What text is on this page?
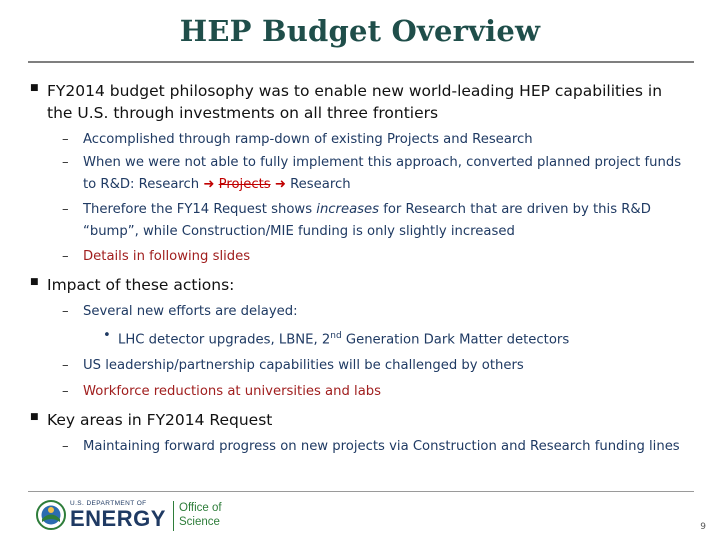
HEP Budget Overview
■ FY2014 budget philosophy was to enable new world-leading HEP capabilities in the U.S. through investments on all three frontiers
– Accomplished through ramp-down of existing Projects and Research
– When we were not able to fully implement this approach, converted planned project funds to R&D: Research ➜ Projects ➜ Research
– Therefore the FY14 Request shows increases for Research that are driven by this R&D “bump”, while Construction/MIE funding is only slightly increased
– Details in following slides
■ Impact of these actions:
– Several new efforts are delayed:
• LHC detector upgrades, LBNE, 2nd Generation Dark Matter detectors
– US leadership/partnership capabilities will be challenged by others
– Workforce reductions at universities and labs
■ Key areas in FY2014 Request
– Maintaining forward progress on new projects via Construction and Research funding lines
U.S. DEPARTMENT OF
ENERGY Office of
Science	9
